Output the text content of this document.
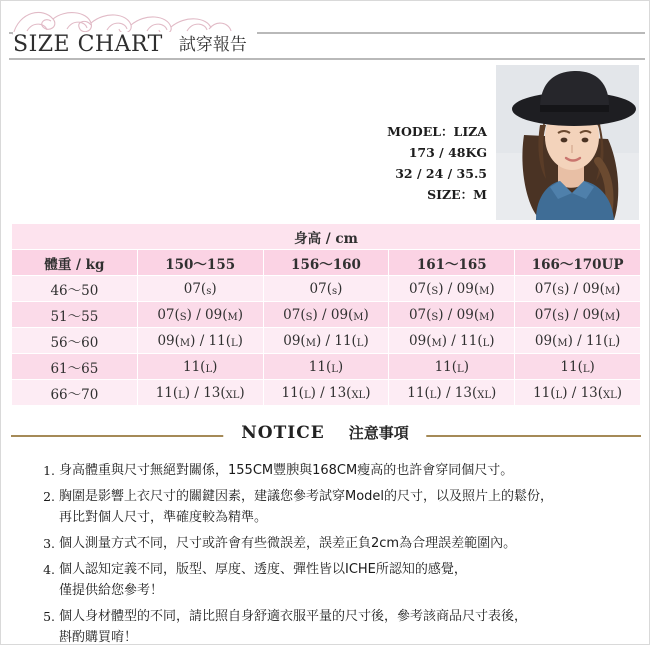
SIZE CHART 試穿報告
MODEL：LIZA
173 / 48KG
32 / 24 / 35.5
SIZE：M
身高 / cm				
體重 / kg	150～155	156～160	161～165	166～170UP
46～50	07(s)	07(s)	07(S) / 09(M)	07(S) / 09(M)
51～55	07(S) / 09(M)	07(S) / 09(M)	07(S) / 09(M)	07(S) / 09(M)
56～60	09(M) / 11(L)	09(M) / 11(L)	09(M) / 11(L)	09(M) / 11(L)
61～65	11(L)	11(L)	11(L)	11(L)
66～70	11(L) / 13(XL)	11(L) / 13(XL)	11(L) / 13(XL)	11(L) / 13(XL)
NOTICE 注意事項
1. 身高體重與尺寸無絕對關係，155CM豐腴與168CM瘦高的也許會穿同個尺寸。
2. 胸圍是影響上衣尺寸的關鍵因素，建議您參考試穿Model的尺寸，以及照片上的鬆份，
再比對個人尺寸，準確度較為精準。
3. 個人測量方式不同，尺寸或許會有些微誤差，誤差正負2cm為合理誤差範圍內。
4. 個人認知定義不同，版型、厚度、透度、彈性皆以ICHE所認知的感覺，
僅提供給您參考！
5. 個人身材體型的不同，請比照自身舒適衣服平量的尺寸後，參考該商品尺寸表後，
斟酌購買唷！
